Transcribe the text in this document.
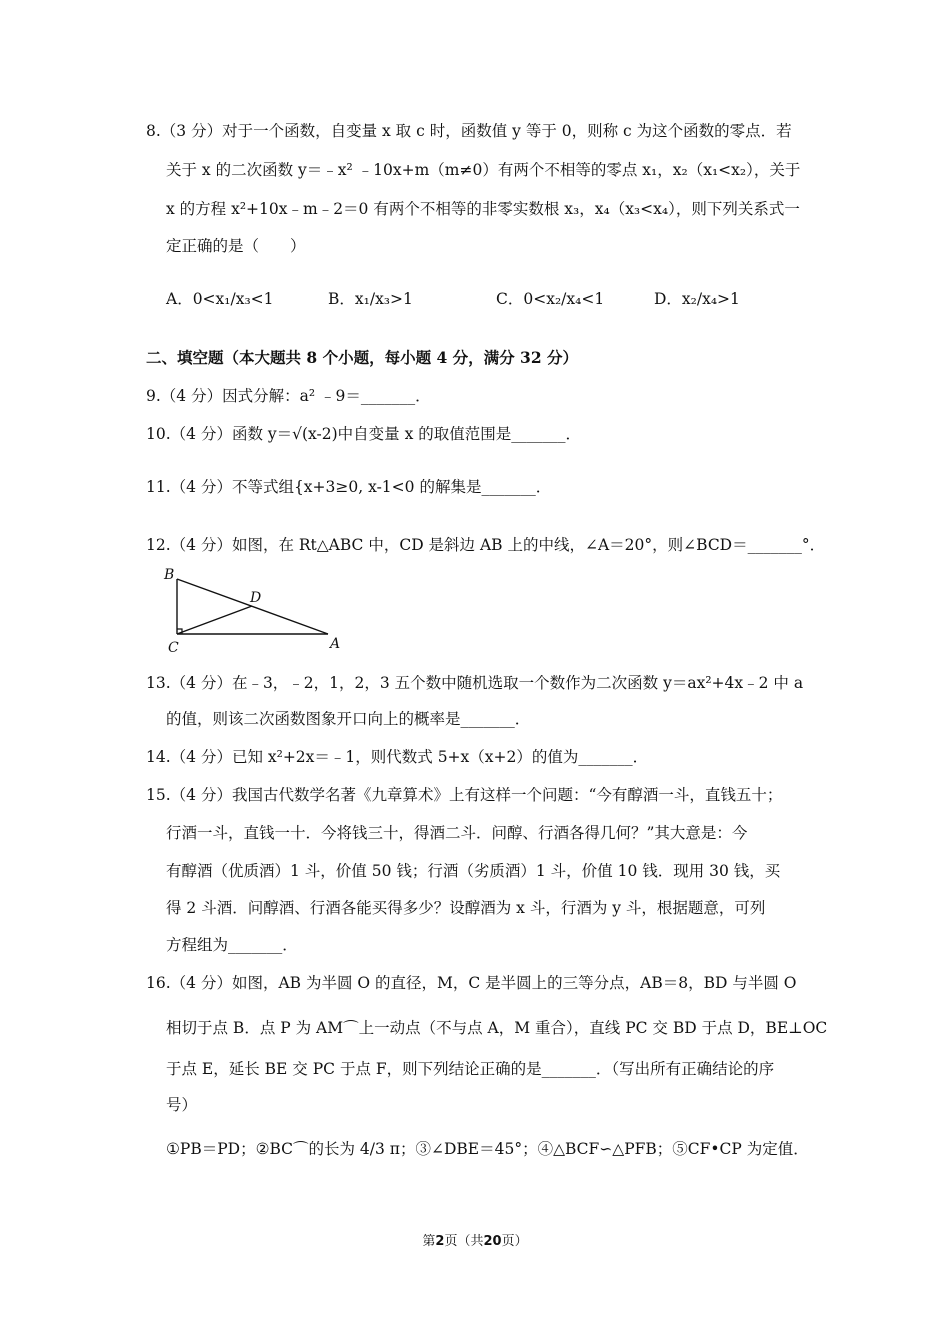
8.（3 分）对于一个函数，自变量 x 取 c 时，函数值 y 等于 0，则称 c 为这个函数的零点．若
关于 x 的二次函数 y＝﹣x² ﹣10x+m（m≠0）有两个不相等的零点 x₁，x₂（x₁<x₂），关于
x 的方程 x²+10x﹣m﹣2＝0 有两个不相等的非零实数根 x₃，x₄（x₃<x₄），则下列关系式一
定正确的是（　　）
A．0<x₁/x₃<1	B．x₁/x₃>1	C．0<x₂/x₄<1	D．x₂/x₄>1
二、填空题（本大题共 8 个小题，每小题 4 分，满分 32 分）
9.（4 分）因式分解：a² ﹣9＝_______．
10.（4 分）函数 y＝√(x-2)中自变量 x 的取值范围是_______．
11.（4 分）不等式组{x+3≥0, x-1<0 的解集是_______．
12.（4 分）如图，在 Rt△ABC 中，CD 是斜边 AB 上的中线，∠A＝20°，则∠BCD＝_______°．
B
C
D
A
13.（4 分）在﹣3，﹣2，1，2，3 五个数中随机选取一个数作为二次函数 y＝ax²+4x﹣2 中 a
的值，则该二次函数图象开口向上的概率是_______．
14.（4 分）已知 x²+2x＝﹣1，则代数式 5+x（x+2）的值为_______．
15.（4 分）我国古代数学名著《九章算术》上有这样一个问题：“今有醇酒一斗，直钱五十；
行酒一斗，直钱一十．今将钱三十，得酒二斗．问醇、行酒各得几何？”其大意是：今
有醇酒（优质酒）1 斗，价值 50 钱；行酒（劣质酒）1 斗，价值 10 钱．现用 30 钱，买
得 2 斗酒．问醇酒、行酒各能买得多少？设醇酒为 x 斗，行酒为 y 斗，根据题意，可列
方程组为_______．
16.（4 分）如图，AB 为半圆 O 的直径，M，C 是半圆上的三等分点，AB＝8，BD 与半圆 O
相切于点 B．点 P 为 AM⌒上一动点（不与点 A，M 重合），直线 PC 交 BD 于点 D，BE⊥OC
于点 E，延长 BE 交 PC 于点 F，则下列结论正确的是_______．（写出所有正确结论的序
号）
①PB＝PD；②BC⌒的长为 4/3 π；③∠DBE＝45°；④△BCF∽△PFB；⑤CF•CP 为定值．
第2页（共20页）
